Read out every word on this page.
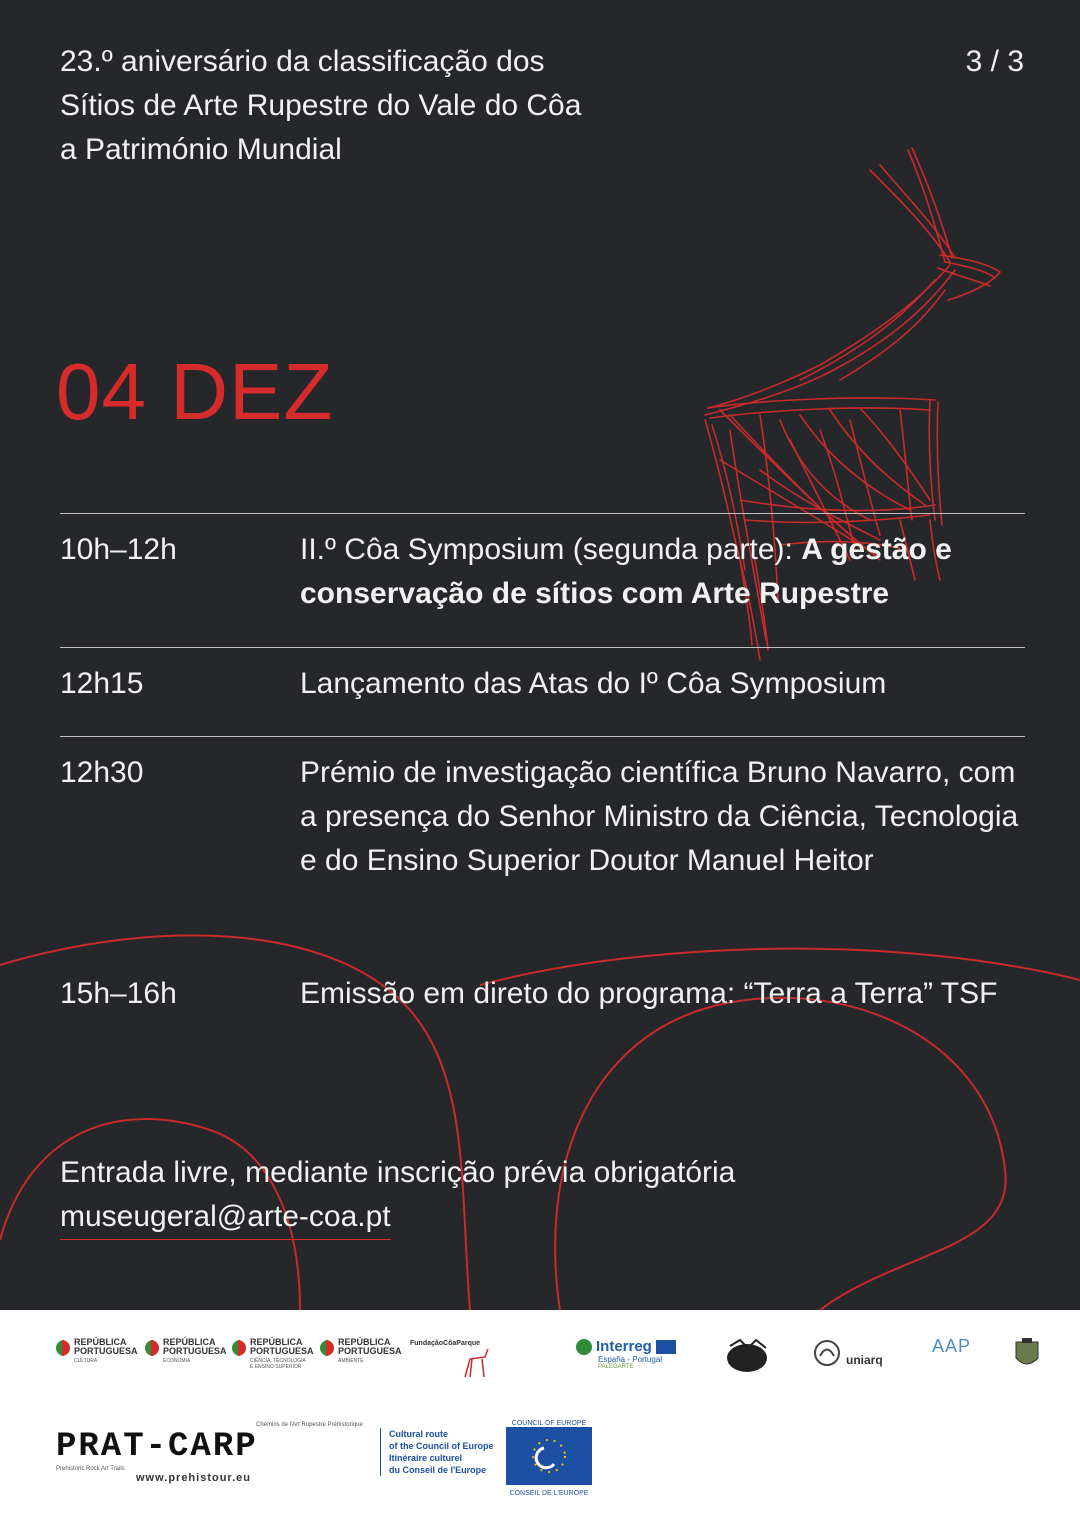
23.º aniversário da classificação dos
Sítios de Arte Rupestre do Vale do Côa
a Património Mundial
3 / 3
04 DEZ
10h–12h	II.º Côa Symposium (segunda parte): A gestão e conservação de sítios com Arte Rupestre
12h15	Lançamento das Atas do Iº Côa Symposium
12h30	Prémio de investigação científica Bruno Navarro, com a presença do Senhor Ministro da Ciência, Tecnologia e do Ensino Superior Doutor Manuel Heitor
15h–16h	Emissão em direto do programa: “Terra a Terra” TSF
Entrada livre, mediante inscrição prévia obrigatória
museugeral@arte-coa.pt
REPÚBLICA
PORTUGUESA
CULTURA
REPÚBLICA
PORTUGUESA
ECONOMIA
REPÚBLICA
PORTUGUESA
CIÊNCIA, TECNOLOGIA E ENSINO SUPERIOR
REPÚBLICA
PORTUGUESA
AMBIENTE
FundaçãoCôaParque	Interreg
España - Portugal
PALEOARTE	uniarq
AAP
Chemins de l'Art Rupestre Préhistorique
PRAT-CARP
Prehistoric Rock Art Trails
www.prehistour.eu
Cultural route
of the Council of Europe
Itinéraire culturel
du Conseil de l'Europe
COUNCIL OF EUROPE
CONSEIL DE L'EUROPE
